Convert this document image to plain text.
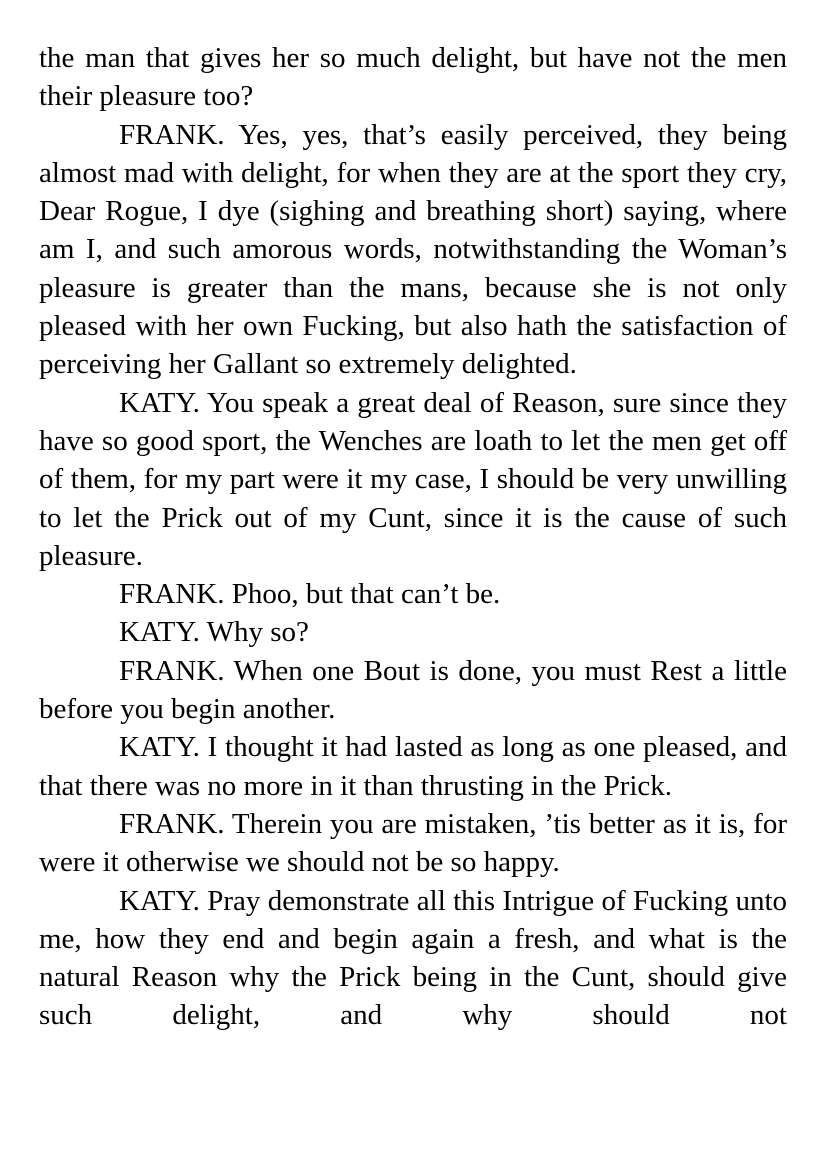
the man that gives her so much delight, but have not the men their pleasure too?

FRANK. Yes, yes, that’s easily perceived, they being almost mad with delight, for when they are at the sport they cry, Dear Rogue, I dye (sighing and breathing short) saying, where am I, and such amorous words, notwithstanding the Woman’s pleasure is greater than the mans, because she is not only pleased with her own Fucking, but also hath the satisfaction of perceiving her Gallant so extremely delighted.

KATY. You speak a great deal of Reason, sure since they have so good sport, the Wenches are loath to let the men get off of them, for my part were it my case, I should be very unwilling to let the Prick out of my Cunt, since it is the cause of such pleasure.

FRANK. Phoo, but that can’t be.

KATY. Why so?

FRANK. When one Bout is done, you must Rest a little before you begin another.

KATY. I thought it had lasted as long as one pleased, and that there was no more in it than thrusting in the Prick.

FRANK. Therein you are mistaken, ’tis better as it is, for were it otherwise we should not be so happy.

KATY. Pray demonstrate all this Intrigue of Fucking unto me, how they end and begin again a fresh, and what is the natural Reason why the Prick being in the Cunt, should give such delight, and why should not
